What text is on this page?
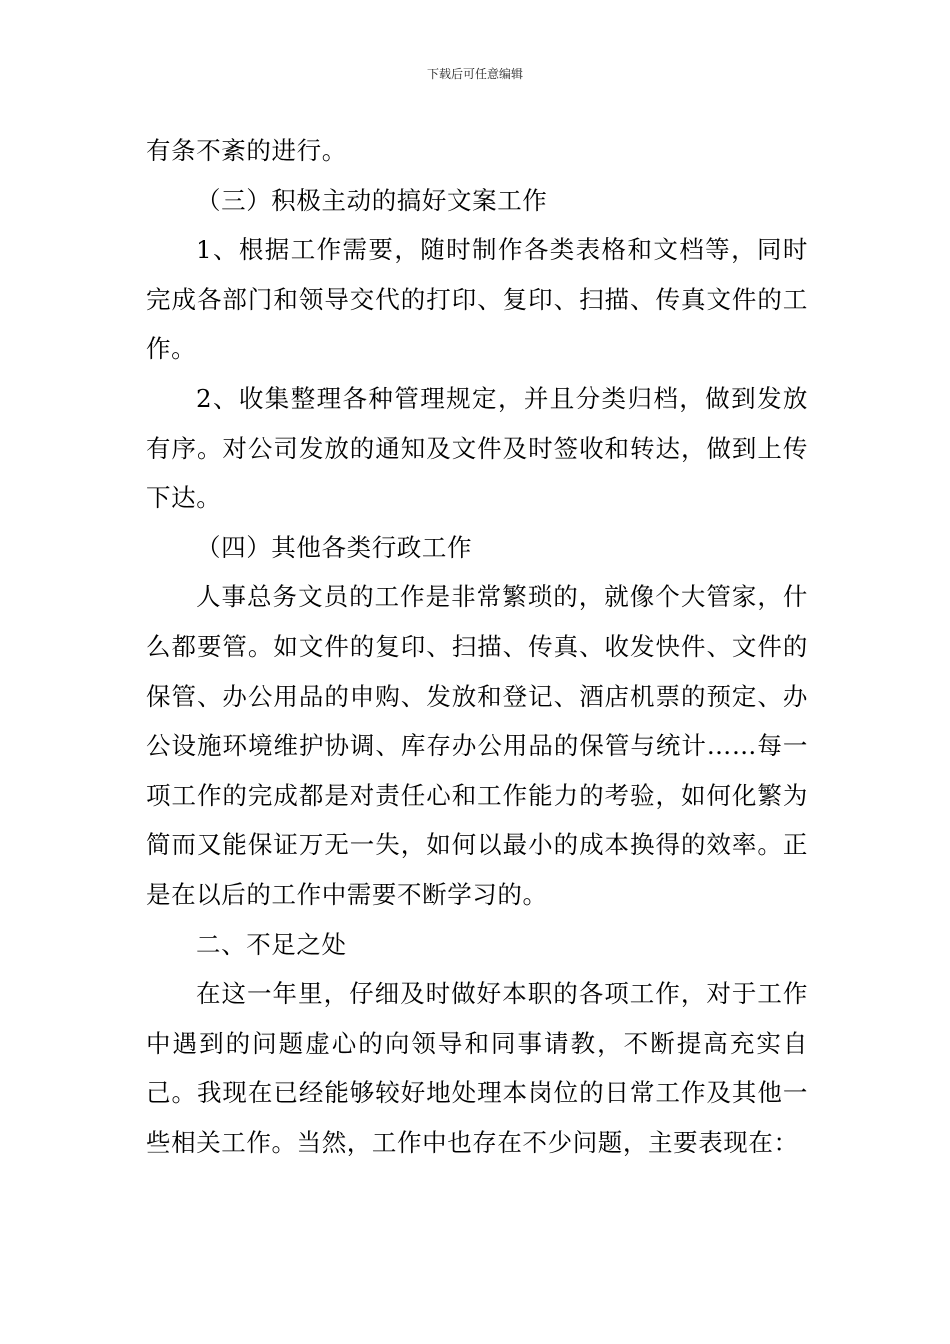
下载后可任意编辑

有条不紊的进行。

（三）积极主动的搞好文案工作

1、根据工作需要，随时制作各类表格和文档等，同时完成各部门和领导交代的打印、复印、扫描、传真文件的工作。

2、收集整理各种管理规定，并且分类归档，做到发放有序。对公司发放的通知及文件及时签收和转达，做到上传下达。

（四）其他各类行政工作

人事总务文员的工作是非常繁琐的，就像个大管家，什么都要管。如文件的复印、扫描、传真、收发快件、文件的保管、办公用品的申购、发放和登记、酒店机票的预定、办公设施环境维护协调、库存办公用品的保管与统计……每一项工作的完成都是对责任心和工作能力的考验，如何化繁为简而又能保证万无一失，如何以最小的成本换得的效率。正是在以后的工作中需要不断学习的。

二、不足之处

在这一年里，仔细及时做好本职的各项工作，对于工作中遇到的问题虚心的向领导和同事请教，不断提高充实自己。我现在已经能够较好地处理本岗位的日常工作及其他一些相关工作。当然，工作中也存在不少问题，主要表现在：
